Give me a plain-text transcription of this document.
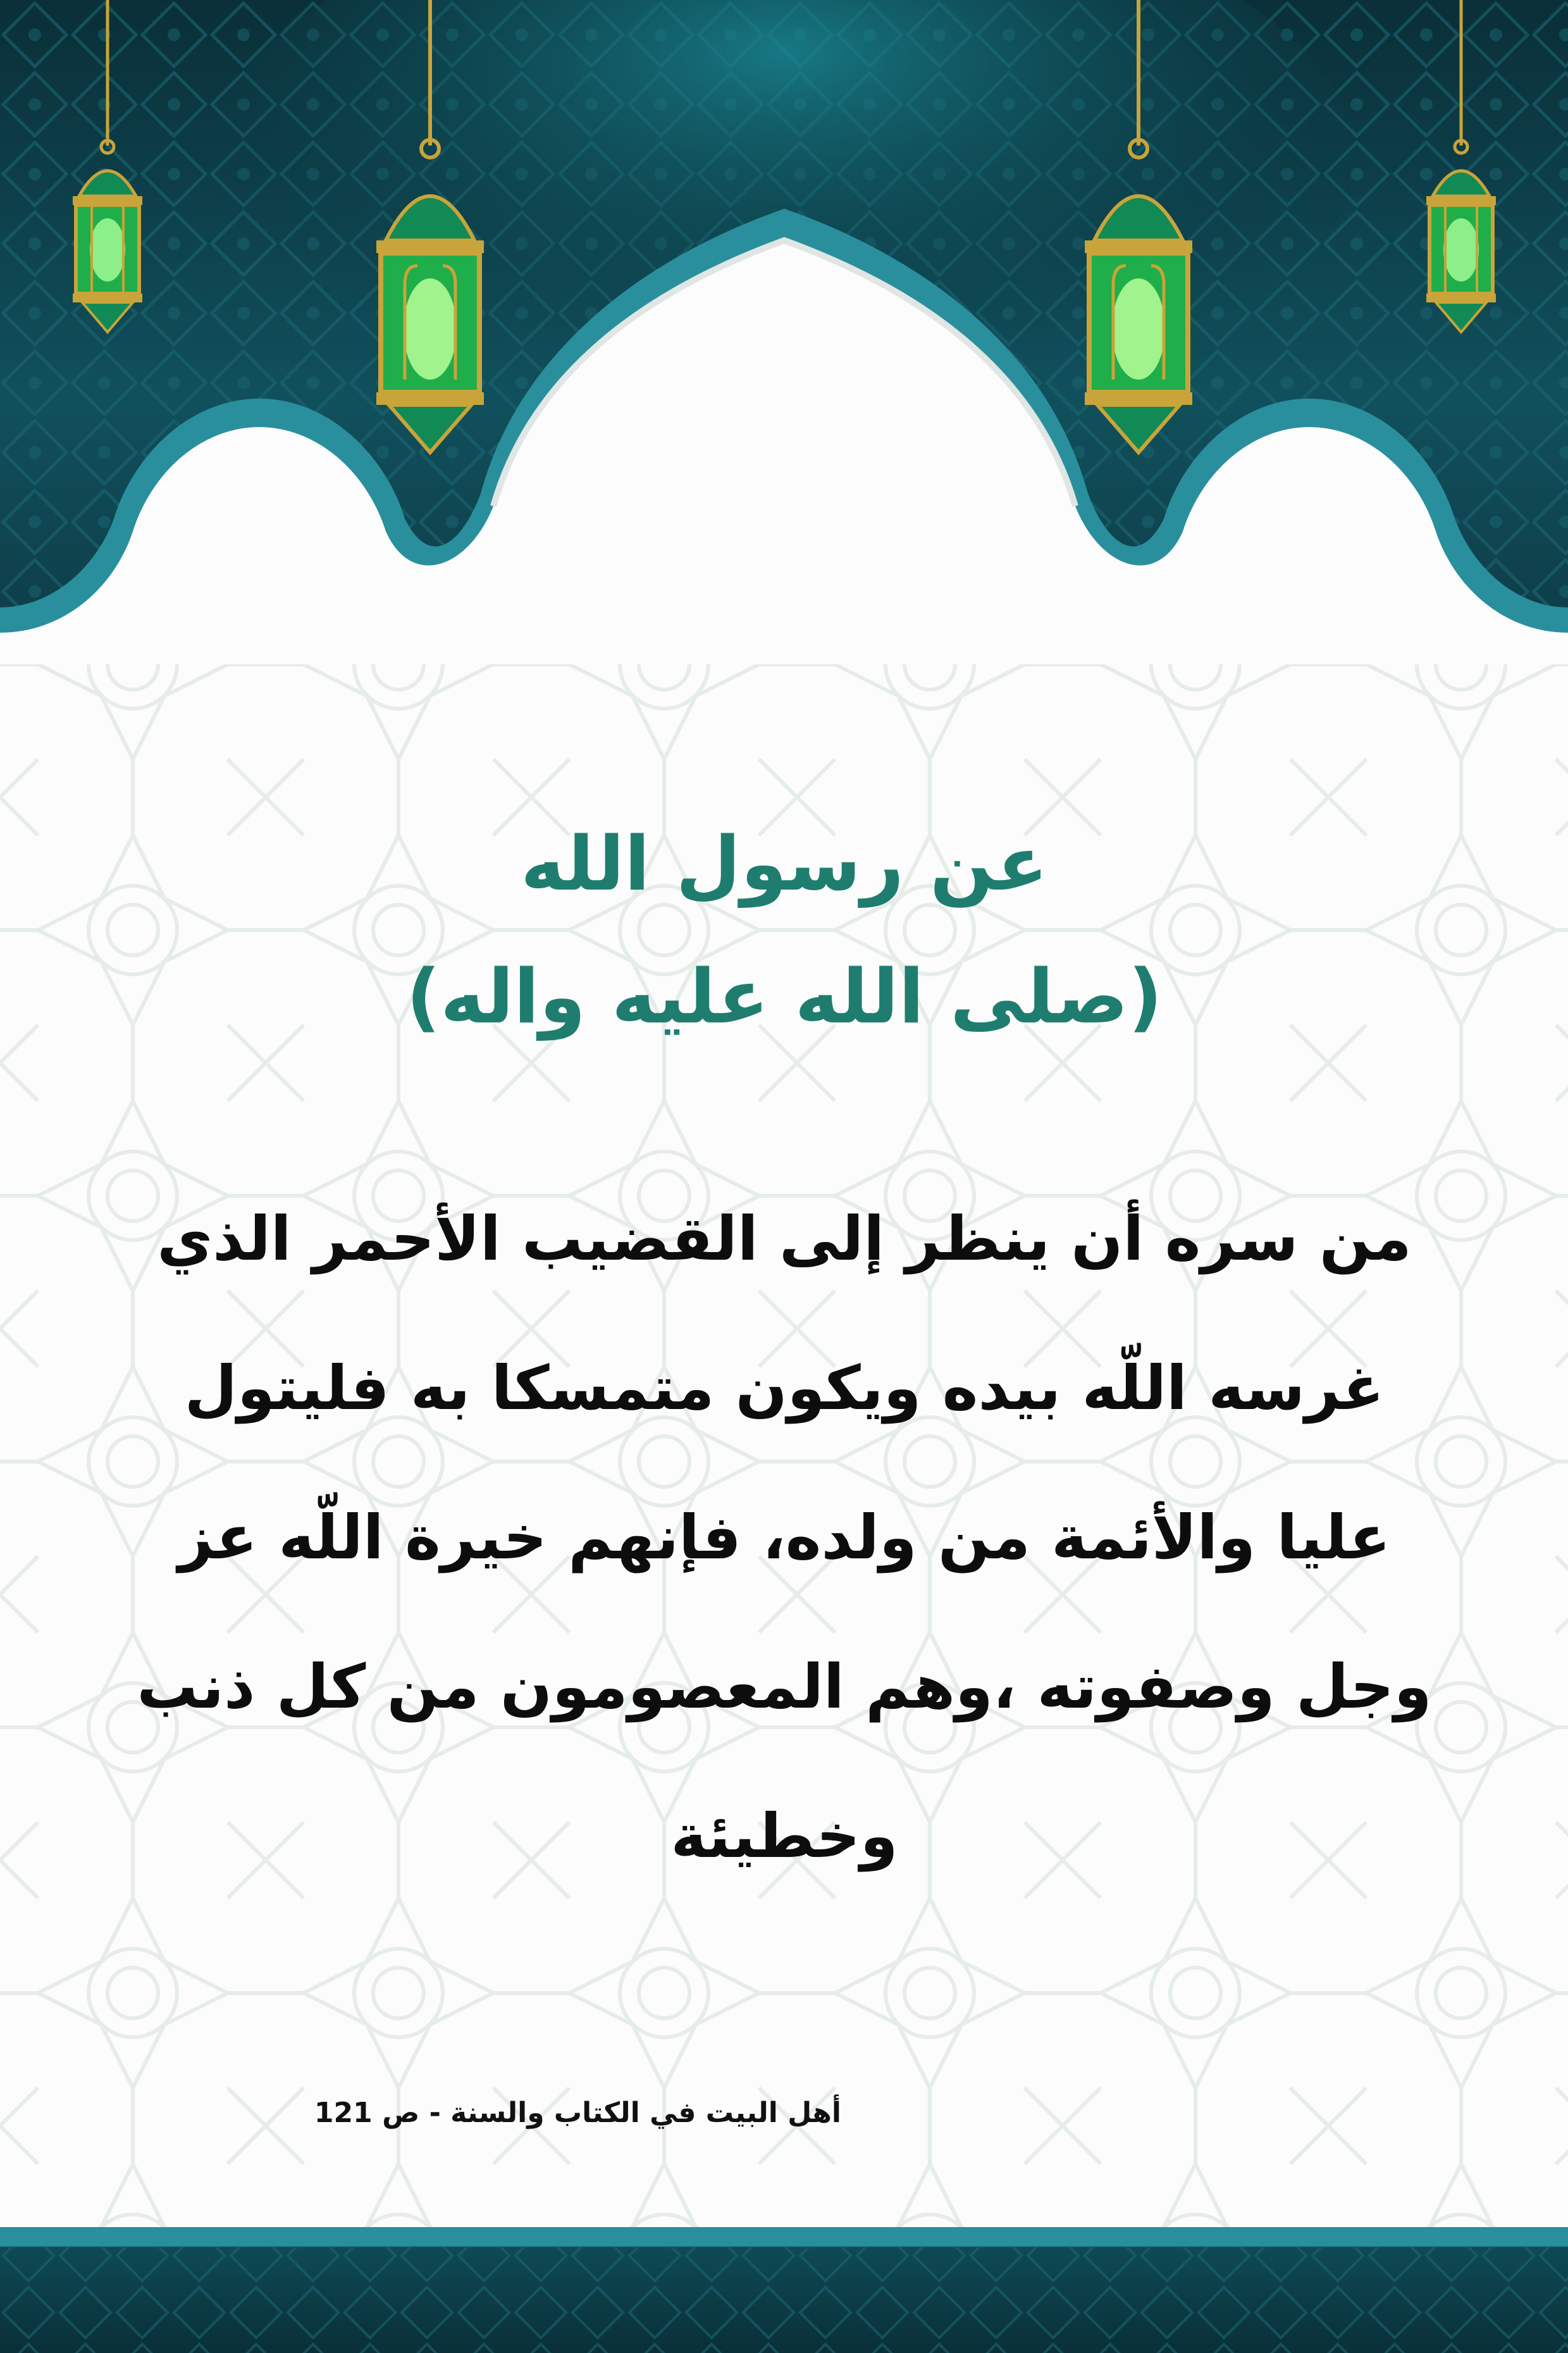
عن رسول الله

(صلى الله عليه واله)

من سره أن ينظر إلى القضيب الأحمر الذي

غرسه اللّه بيده ويكون متمسكا به فليتول

عليا والأئمة من ولده، فإنهم خيرة اللّه عز

وجل وصفوته ،وهم المعصومون من كل ذنب

وخطيئة

أهل البيت في الكتاب والسنة - ص 121
